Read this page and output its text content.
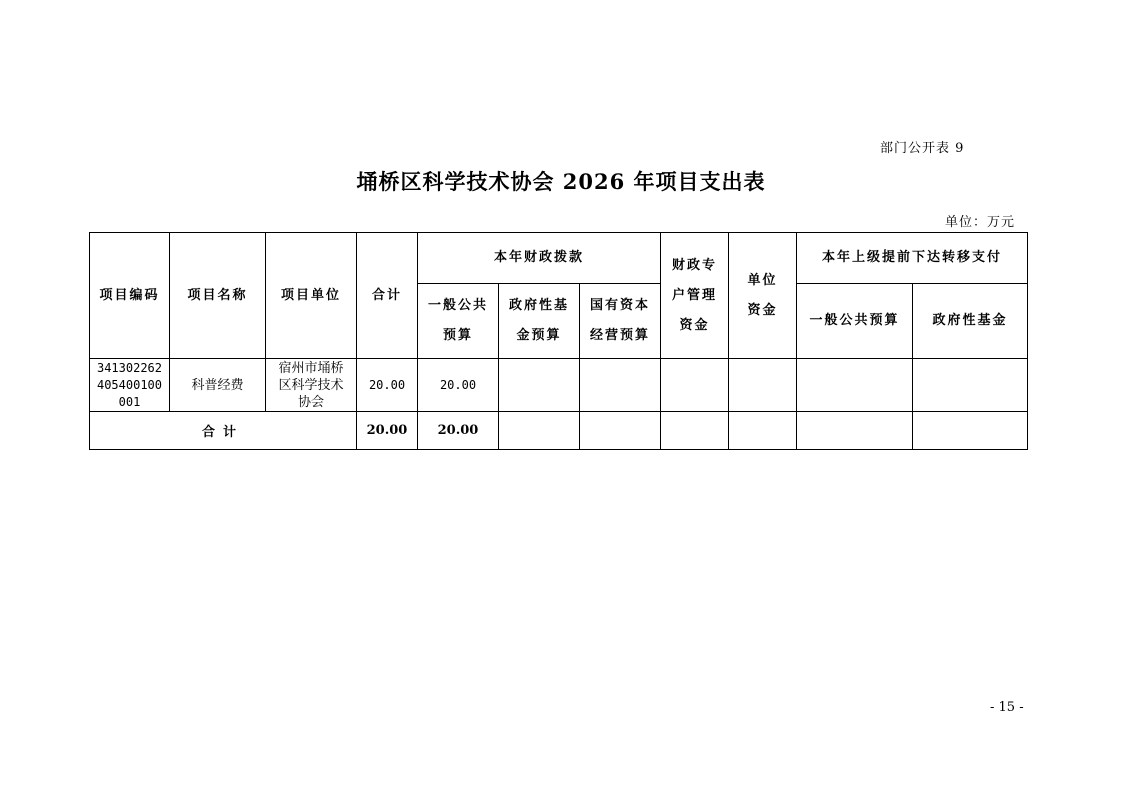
部门公开表 9
埇桥区科学技术协会 2026 年项目支出表
单位：万元
项目编码	项目名称	项目单位	合计	本年财政拨款			财政专户管理资金	单位资金	本年上级提前下达转移支付	
				一般公共预算	政府性基金预算	国有资本经营预算			一般公共预算	政府性基金
341302262405400100001	科普经费	宿州市埇桥区科学技术协会	20.00	20.00						
合计			20.00	20.00						
- 15 -
